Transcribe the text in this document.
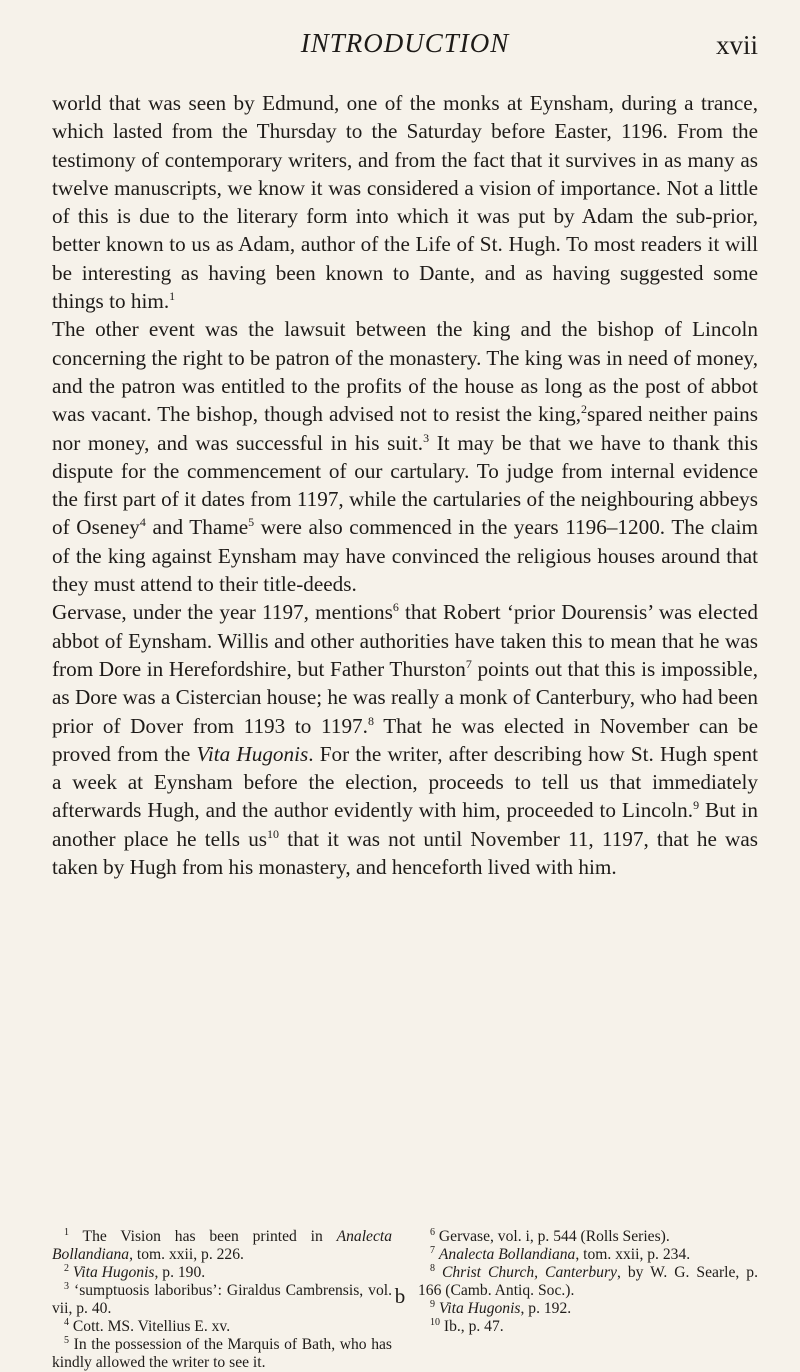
INTRODUCTION	xvii

world that was seen by Edmund, one of the monks at Eynsham, during a trance, which lasted from the Thursday to the Saturday before Easter, 1196. From the testimony of contemporary writers, and from the fact that it survives in as many as twelve manuscripts, we know it was considered a vision of importance. Not a little of this is due to the literary form into which it was put by Adam the sub-prior, better known to us as Adam, author of the Life of St. Hugh. To most readers it will be interesting as having been known to Dante, and as having suggested some things to him.$^1$

The other event was the lawsuit between the king and the bishop of Lincoln concerning the right to be patron of the monastery. The king was in need of money, and the patron was entitled to the profits of the house as long as the post of abbot was vacant. The bishop, though advised not to resist the king,$^2$spared neither pains nor money, and was successful in his suit.$^3$ It may be that we have to thank this dispute for the commencement of our cartulary. To judge from internal evidence the first part of it dates from 1197, while the cartularies of the neighbouring abbeys of Oseney$^4$ and Thame$^5$ were also commenced in the years 1196–1200. The claim of the king against Eynsham may have convinced the religious houses around that they must attend to their title-deeds.

Gervase, under the year 1197, mentions$^6$ that Robert ‘prior Dourensis’ was elected abbot of Eynsham. Willis and other authorities have taken this to mean that he was from Dore in Herefordshire, but Father Thurston$^7$ points out that this is impossible, as Dore was a Cistercian house; he was really a monk of Canterbury, who had been prior of Dover from 1193 to 1197.$^8$ That he was elected in November can be proved from the Vita Hugonis. For the writer, after describing how St. Hugh spent a week at Eynsham before the election, proceeds to tell us that immediately afterwards Hugh, and the author evidently with him, proceeded to Lincoln.$^9$ But in another place he tells $us^{10}$ that it was not until November 11, 1197, that he was taken by Hugh from his monastery, and henceforth lived with him.

$^1$ The Vision has been printed in Analecta Bollandiana, tom. xxii, p. 226.

$^2$ Vita Hugonis, p. 190.

$^3$ ‘sumptuosis laboribus’: Giraldus Cambrensis, vol. vii, p. 40.

$^4$ Cott. MS. Vitellius E. xv.

$^5$ In the possession of the Marquis of Bath, who has kindly allowed the writer to see it.

$^6$ Gervase, vol. i, p. 544 (Rolls Series).

$^7$ Analecta Bollandiana, tom. xxii, p. 234.

$^8$ Christ Church, Canterbury, by W. G. Searle, p. 166 (Camb. Antiq. Soc.).

$^9$ Vita Hugonis, p. 192.

$^{10}$ Ib., p. 47.

b
